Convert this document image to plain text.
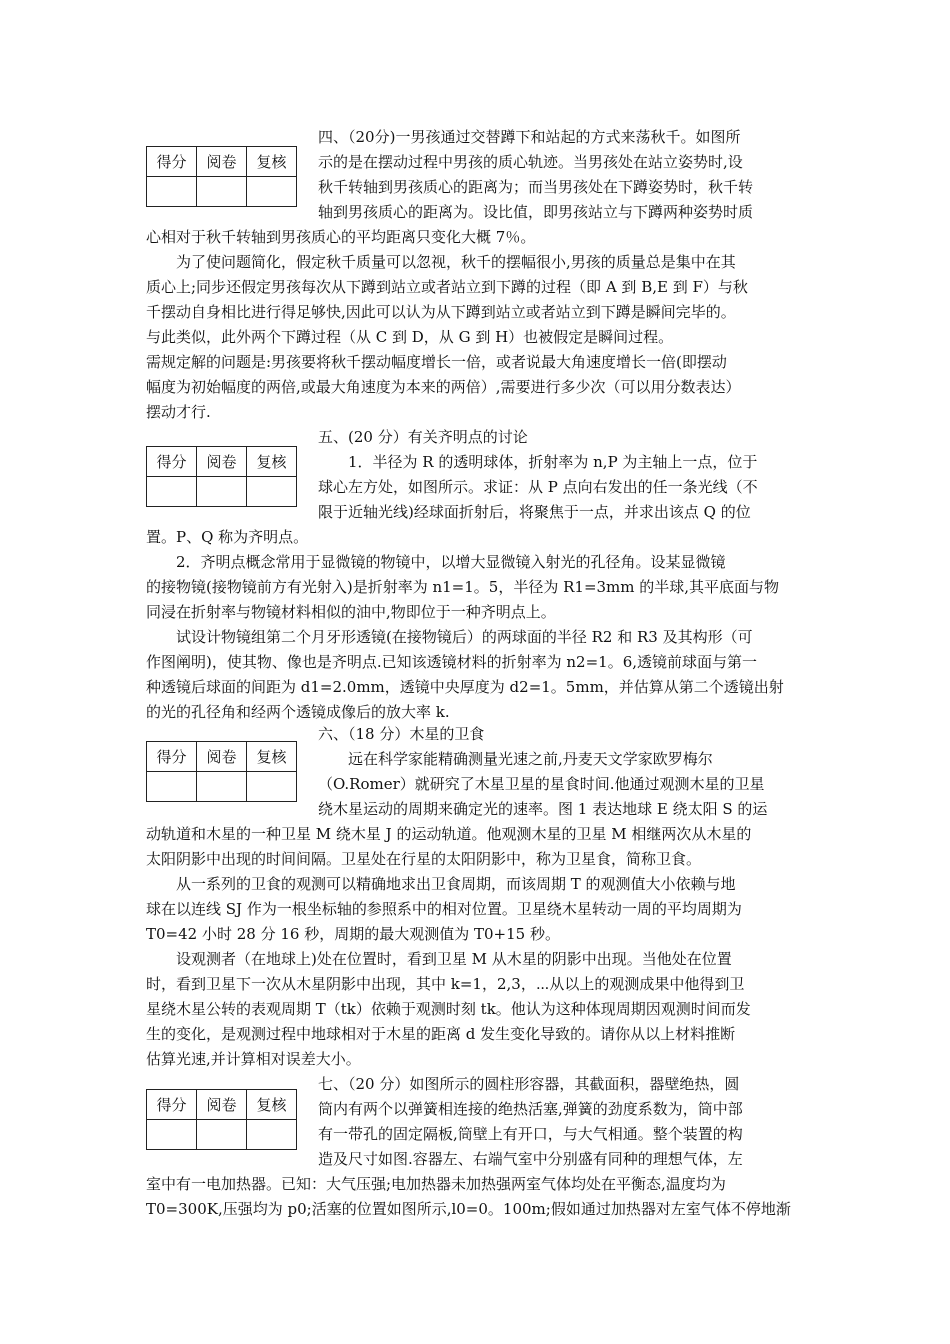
得分	阅卷	复核

得分	阅卷	复核

得分	阅卷	复核

得分	阅卷	复核

四、（20分)一男孩通过交替蹲下和站起的方式来荡秋千。如图所
示的是在摆动过程中男孩的质心轨迹。当男孩处在站立姿势时,设
秋千转轴到男孩质心的距离为；而当男孩处在下蹲姿势时，秋千转
轴到男孩质心的距离为。设比值，即男孩站立与下蹲两种姿势时质
心相对于秋千转轴到男孩质心的平均距离只变化大概 7％。
为了使问题简化，假定秋千质量可以忽视，秋千的摆幅很小,男孩的质量总是集中在其
质心上;同步还假定男孩每次从下蹲到站立或者站立到下蹲的过程（即 A 到 B,E 到 F）与秋
千摆动自身相比进行得足够快,因此可以认为从下蹲到站立或者站立到下蹲是瞬间完毕的。
与此类似，此外两个下蹲过程（从 C 到 D，从 G 到 H）也被假定是瞬间过程。
需规定解的问题是:男孩要将秋千摆动幅度增长一倍，或者说最大角速度增长一倍(即摆动
幅度为初始幅度的两倍,或最大角速度为本来的两倍）,需要进行多少次（可以用分数表达）
摆动才行.
五、(20 分）有关齐明点的讨论
1．半径为 R 的透明球体，折射率为 n,P 为主轴上一点，位于
球心左方处，如图所示。求证：从 P 点向右发出的任一条光线（不
限于近轴光线)经球面折射后，将聚焦于一点，并求出该点 Q 的位
置。P、Q 称为齐明点。
2．齐明点概念常用于显微镜的物镜中，以增大显微镜入射光的孔径角。设某显微镜
的接物镜(接物镜前方有光射入)是折射率为 n1=1。5，半径为 R1=3mm 的半球,其平底面与物
同浸在折射率与物镜材料相似的油中,物即位于一种齐明点上。
试设计物镜组第二个月牙形透镜(在接物镜后）的两球面的半径 R2 和 R3 及其构形（可
作图阐明)，使其物、像也是齐明点.已知该透镜材料的折射率为 n2=1。6,透镜前球面与第一
种透镜后球面的间距为 d1=2.0mm，透镜中央厚度为 d2=1。5mm，并估算从第二个透镜出射
的光的孔径角和经两个透镜成像后的放大率 k.
六、（18 分）木星的卫食
远在科学家能精确测量光速之前,丹麦天文学家欧罗梅尔
（O.Romer）就研究了木星卫星的星食时间.他通过观测木星的卫星
绕木星运动的周期来确定光的速率。图 1 表达地球 E 绕太阳 S 的运
动轨道和木星的一种卫星 M 绕木星 J 的运动轨道。他观测木星的卫星 M 相继两次从木星的
太阳阴影中出现的时间间隔。卫星处在行星的太阳阴影中，称为卫星食，简称卫食。
从一系列的卫食的观测可以精确地求出卫食周期，而该周期 T 的观测值大小依赖与地
球在以连线 SJ 作为一根坐标轴的参照系中的相对位置。卫星绕木星转动一周的平均周期为
T0=42 小时 28 分 16 秒，周期的最大观测值为 T0+15 秒。
设观测者（在地球上)处在位置时，看到卫星 M 从木星的阴影中出现。当他处在位置
时，看到卫星下一次从木星阴影中出现，其中 k=1，2,3，⋯从以上的观测成果中他得到卫
星绕木星公转的表观周期 T（tk）依赖于观测时刻 tk。他认为这种体现周期因观测时间而发
生的变化，是观测过程中地球相对于木星的距离 d 发生变化导致的。请你从以上材料推断
估算光速,并计算相对误差大小。
七、（20 分）如图所示的圆柱形容器，其截面积，器壁绝热，圆
筒内有两个以弹簧相连接的绝热活塞,弹簧的劲度系数为，筒中部
有一带孔的固定隔板,筒壁上有开口，与大气相通。整个装置的构
造及尺寸如图.容器左、右端气室中分别盛有同种的理想气体，左
室中有一电加热器。已知：大气压强;电加热器未加热强两室气体均处在平衡态,温度均为
T0=300K,压强均为 p0;活塞的位置如图所示,l0=0。100m;假如通过加热器对左室气体不停地渐
